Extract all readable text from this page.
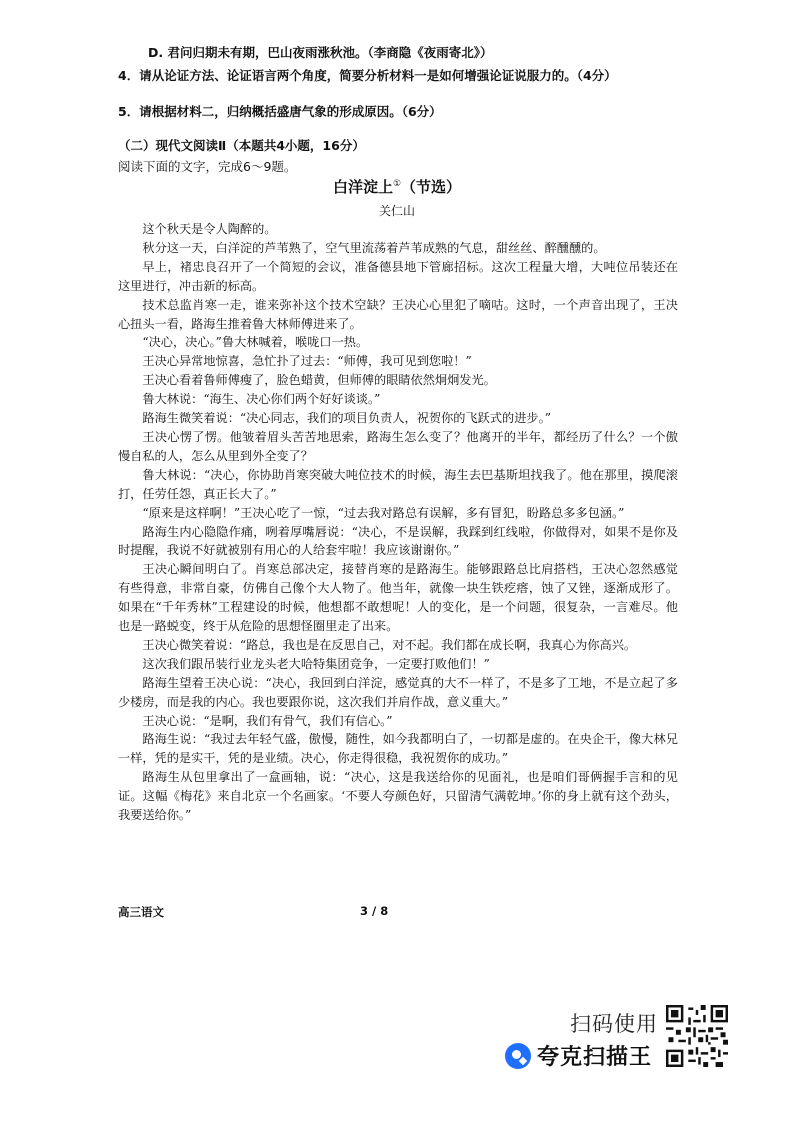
D. 君问归期未有期，巴山夜雨涨秋池。（李商隐《夜雨寄北》）
4．请从论证方法、论证语言两个角度，简要分析材料一是如何增强论证说服力的。（4分）
5．请根据材料二，归纳概括盛唐气象的形成原因。（6分）
（二）现代文阅读Ⅱ（本题共4小题，16分）
阅读下面的文字，完成6～9题。
白洋淀上①（节选）
关仁山

这个秋天是令人陶醉的。

秋分这一天，白洋淀的芦苇熟了，空气里流荡着芦苇成熟的气息，甜丝丝、醉醺醺的。

早上，褚忠良召开了一个简短的会议，准备德县地下管廊招标。这次工程量大增，大吨位吊装还在这里进行，冲击新的标高。

技术总监肖寒一走，谁来弥补这个技术空缺？王决心心里犯了嘀咕。这时，一个声音出现了，王决心扭头一看，路海生推着鲁大林师傅进来了。

“决心，决心。”鲁大林喊着，喉咙口一热。

王决心异常地惊喜，急忙扑了过去：“师傅，我可见到您啦！”

王决心看着鲁师傅瘦了，脸色蜡黄，但师傅的眼睛依然炯炯发光。

鲁大林说：“海生、决心你们两个好好谈谈。”

路海生微笑着说：“决心同志，我们的项目负责人，祝贺你的飞跃式的进步。”

王决心愣了愣。他皱着眉头苦苦地思索，路海生怎么变了？他离开的半年，都经历了什么？一个傲慢自私的人，怎么从里到外全变了？

鲁大林说：“决心，你协助肖寒突破大吨位技术的时候，海生去巴基斯坦找我了。他在那里，摸爬滚打，任劳任怨，真正长大了。”

“原来是这样啊！”王决心吃了一惊，“过去我对路总有误解，多有冒犯，盼路总多多包涵。”

路海生内心隐隐作痛，咧着厚嘴唇说：“决心，不是误解，我踩到红线啦，你做得对，如果不是你及时提醒，我说不好就被别有用心的人给套牢啦！我应该谢谢你。”

王决心瞬间明白了。肖寒总部决定，接替肖寒的是路海生。能够跟路总比肩搭档，王决心忽然感觉有些得意，非常自豪，仿佛自己像个大人物了。他当年，就像一块生铁疙瘩，蚀了又锉，逐渐成形了。如果在“千年秀林”工程建设的时候，他想都不敢想呢！人的变化，是一个问题，很复杂，一言难尽。他也是一路蜕变，终于从危险的思想怪圈里走了出来。

王决心微笑着说：“路总，我也是在反思自己，对不起。我们都在成长啊，我真心为你高兴。

这次我们跟吊装行业龙头老大哈特集团竞争，一定要打败他们！”

路海生望着王决心说：“决心，我回到白洋淀，感觉真的大不一样了，不是多了工地，不是立起了多少楼房，而是我的内心。我也要跟你说，这次我们并肩作战，意义重大。”

王决心说：“是啊，我们有骨气，我们有信心。”

路海生说：“我过去年轻气盛，傲慢，随性，如今我都明白了，一切都是虚的。在央企干，像大林兄一样，凭的是实干，凭的是业绩。决心，你走得很稳，我祝贺你的成功。”

路海生从包里拿出了一盒画轴，说：“决心，这是我送给你的见面礼，也是咱们哥俩握手言和的见证。这幅《梅花》来自北京一个名画家。‘不要人夸颜色好，只留清气满乾坤。’你的身上就有这个劲头，我要送给你。”

高三语文	3 / 8
扫码使用
夸克扫描王
